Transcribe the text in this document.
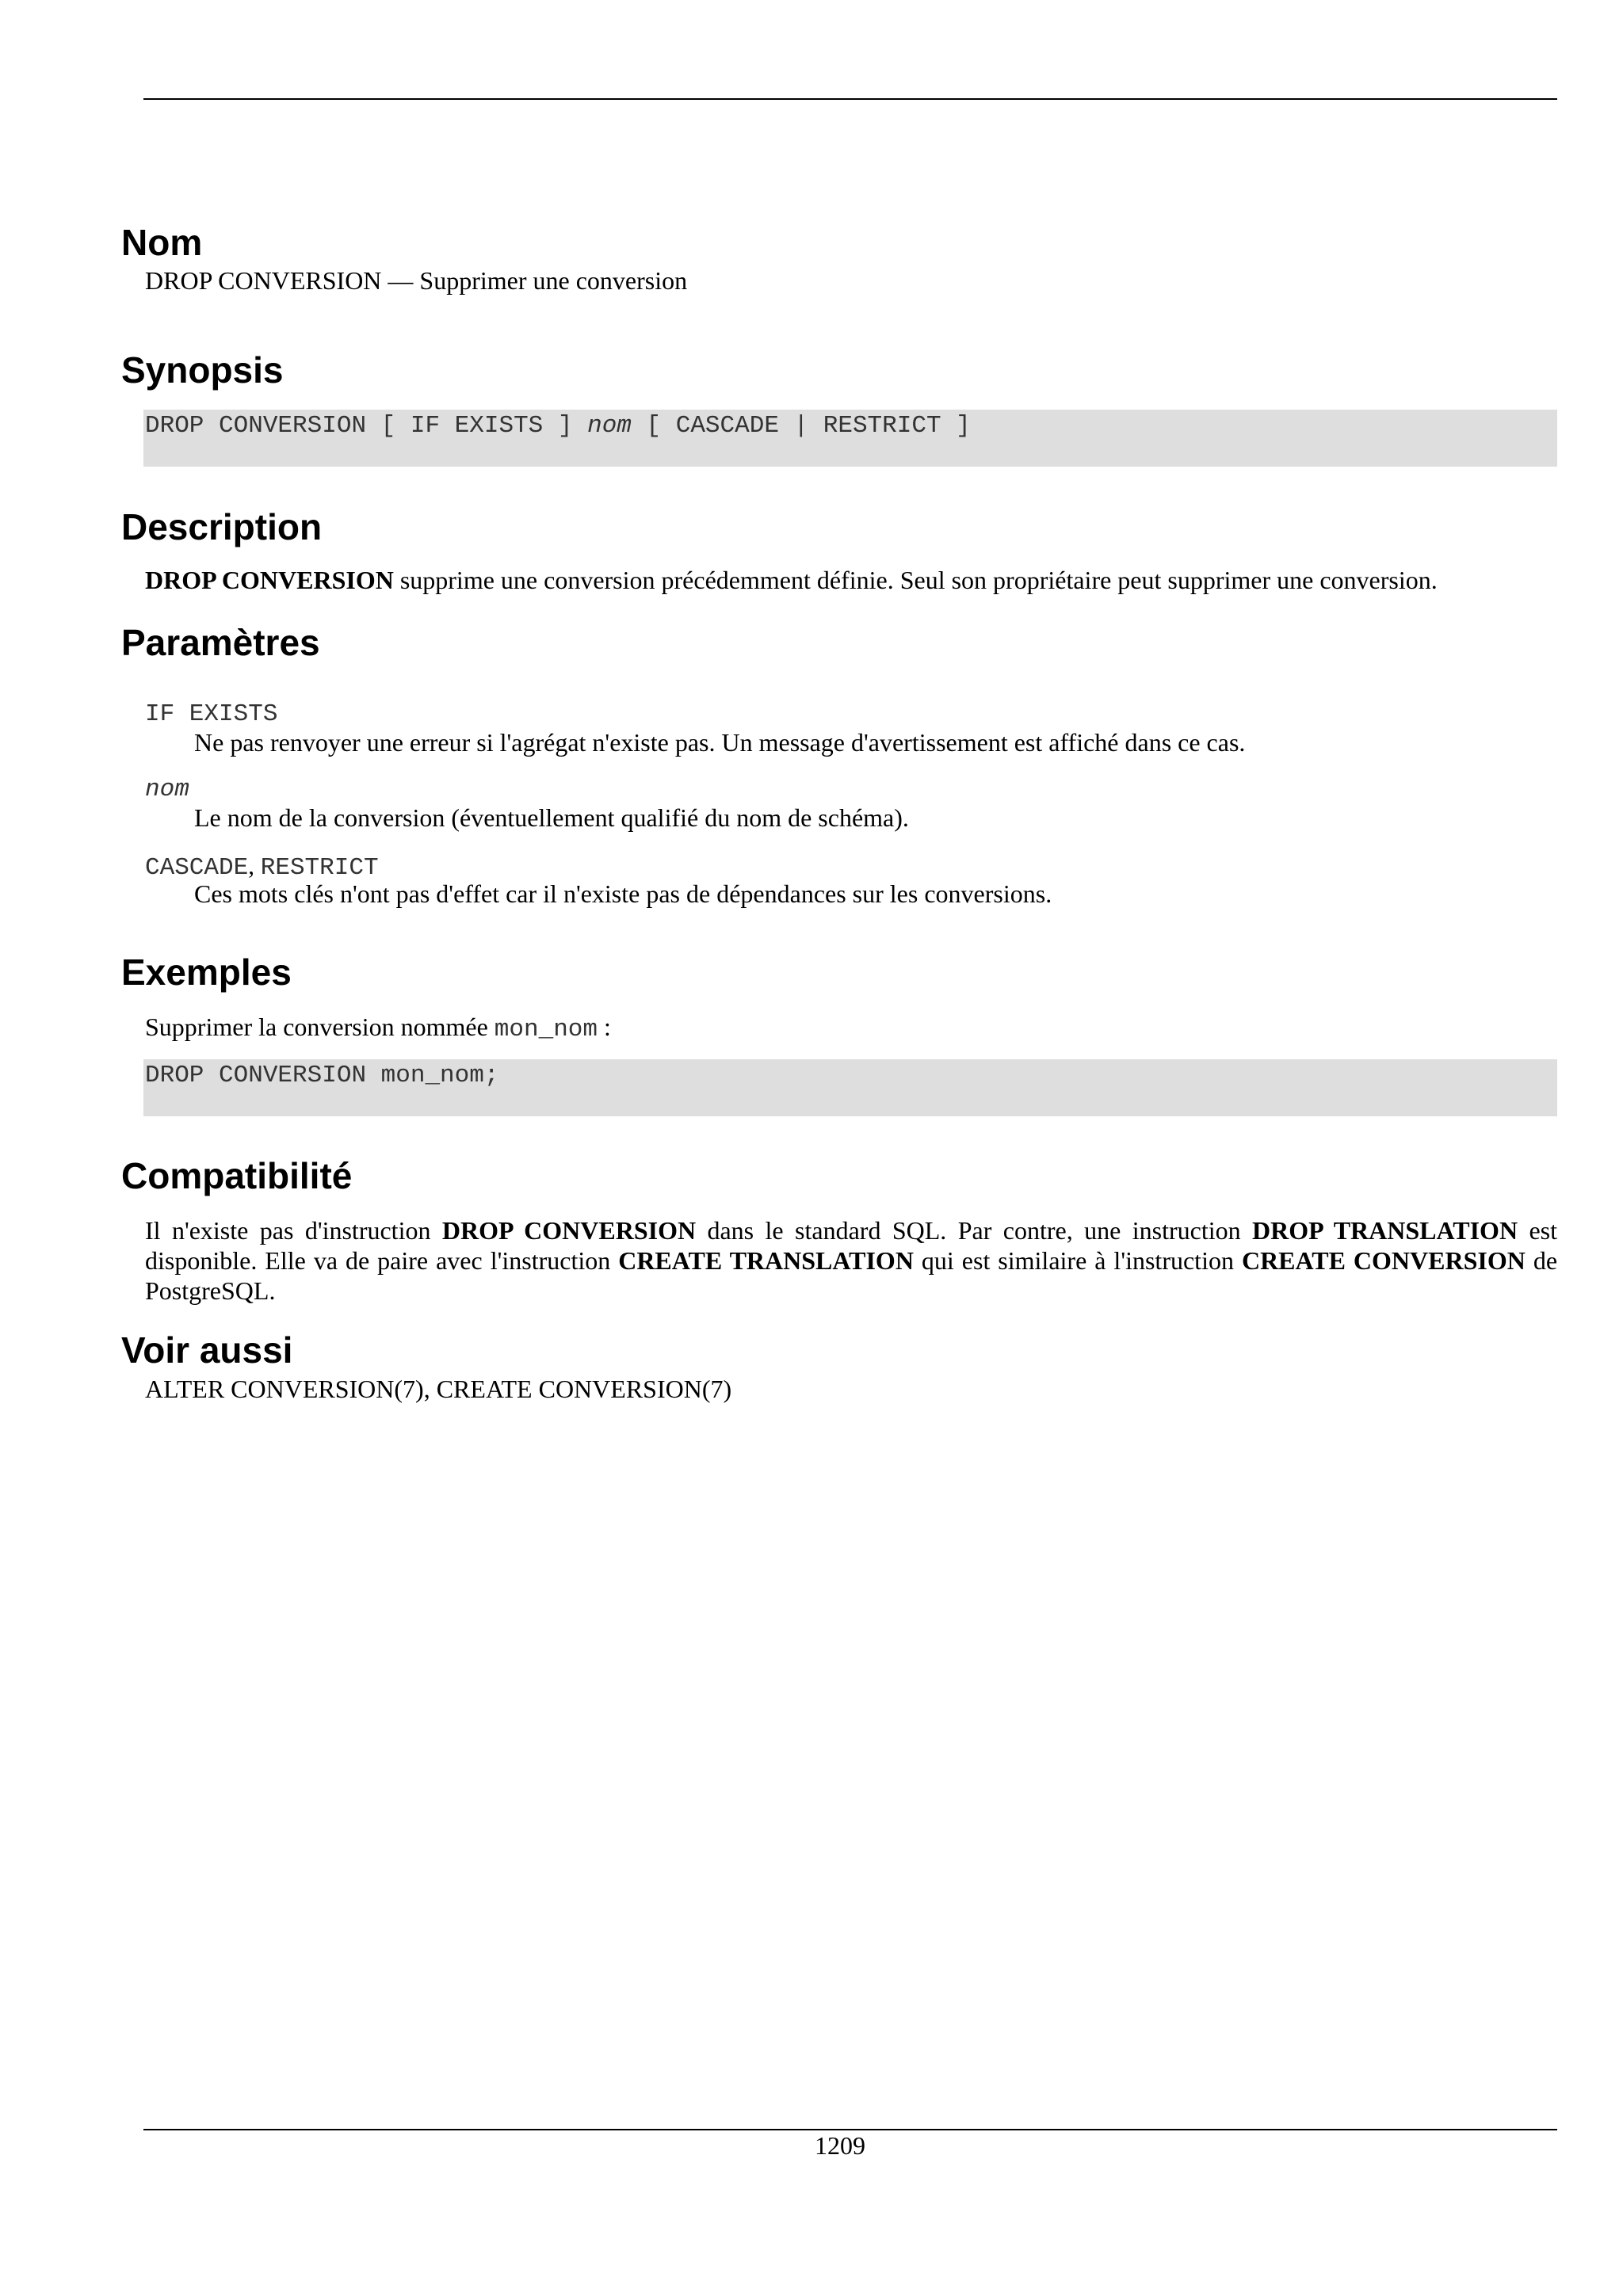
Nom

DROP CONVERSION — Supprimer une conversion

Synopsis
DROP CONVERSION [ IF EXISTS ] nom [ CASCADE | RESTRICT ]
Description

DROP CONVERSION supprime une conversion précédemment définie. Seul son propriétaire peut supprimer une conversion.

Paramètres
IF EXISTS
Ne pas renvoyer une erreur si l'agrégat n'existe pas. Un message d'avertissement est affiché dans ce cas.
nom
Le nom de la conversion (éventuellement qualifié du nom de schéma).
CASCADE, RESTRICT
Ces mots clés n'ont pas d'effet car il n'existe pas de dépendances sur les conversions.
Exemples

Supprimer la conversion nommée mon_nom :

DROP CONVERSION mon_nom;
Compatibilité

Il n'existe pas d'instruction DROP CONVERSION dans le standard SQL. Par contre, une instruction DROP TRANSLATION est disponible. Elle va de paire avec l'instruction CREATE TRANSLATION qui est similaire à l'instruction CREATE CONVERSION de PostgreSQL.

Voir aussi

ALTER CONVERSION(7), CREATE CONVERSION(7)

1209
